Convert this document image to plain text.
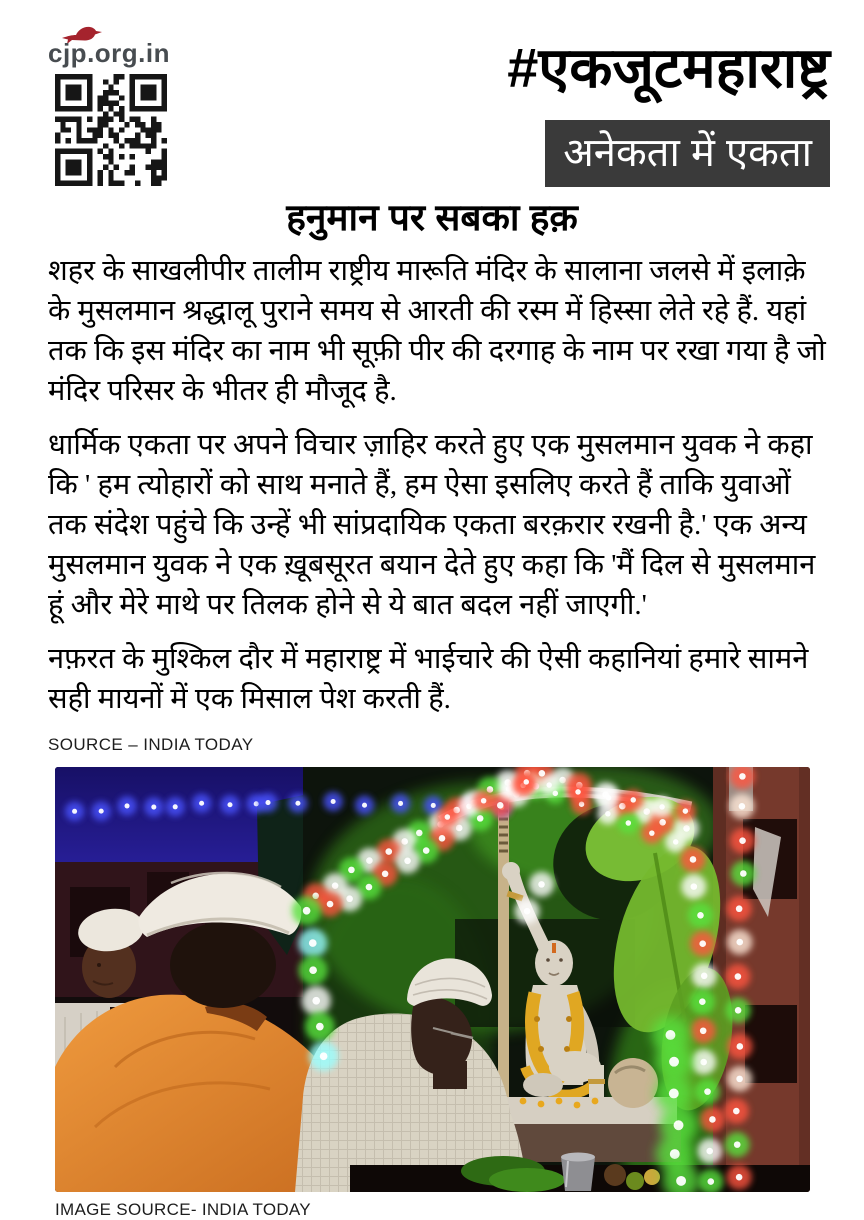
cjp.org.in	#एकजूटमहाराष्ट्र
अनेकता में एकता
हनुमान पर सबका हक़

शहर के साखलीपीर तालीम राष्ट्रीय मारूति मंदिर के सालाना जलसे में इलाक़े के मुसलमान श्रद्धालू पुराने समय से आरती की रस्म में हिस्सा लेते रहे हैं. यहां तक कि इस मंदिर का नाम भी सूफ़ी पीर की दरगाह के नाम पर रखा गया है जो मंदिर परिसर के भीतर ही मौजूद है.

धार्मिक एकता पर अपने विचार ज़ाहिर करते हुए एक मुसलमान युवक ने कहा कि ' हम त्योहारों को साथ मनाते हैं, हम ऐसा इसलिए करते हैं ताकि युवाओं तक संदेश पहुंचे कि उन्हें भी सांप्रदायिक एकता बरक़रार रखनी है.' एक अन्य मुसलमान युवक ने एक ख़ूबसूरत बयान देते हुए कहा कि 'मैं दिल से मुसलमान हूं और मेरे माथे पर तिलक होने से ये बात बदल नहीं जाएगी.'

नफ़रत के मुश्किल दौर में महाराष्ट्र में भाईचारे की ऐसी कहानियां हमारे सामने सही मायनों में एक मिसाल पेश करती हैं.

SOURCE – INDIA TODAY
IMAGE SOURCE- INDIA TODAY
